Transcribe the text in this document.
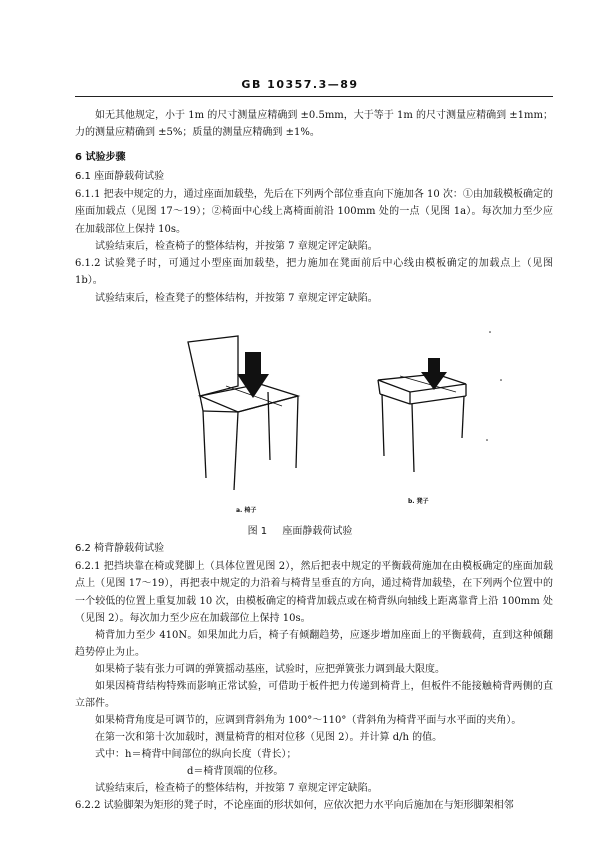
GB 10357.3—89

如无其他规定，小于 1m 的尺寸测量应精确到 ±0.5mm，大于等于 1m 的尺寸测量应精确到 ±1mm；力的测量应精确到 ±5%；质量的测量应精确到 ±1%。

6 试验步骤
6.1 座面静载荷试验

6.1.1 把表中规定的力，通过座面加载垫，先后在下列两个部位垂直向下施加各 10 次：①由加载模板确定的座面加载点（见图 17～19）；②椅面中心线上离椅面前沿 100mm 处的一点（见图 1a）。每次加力至少应在加载部位上保持 10s。

试验结束后，检查椅子的整体结构，并按第 7 章规定评定缺陷。

6.1.2 试验凳子时，可通过小型座面加载垫，把力施加在凳面前后中心线由模板确定的加载点上（见图 1b）。

试验结束后，检查凳子的整体结构，并按第 7 章规定评定缺陷。

a. 椅子
b. 凳子
图 1 座面静载荷试验
6.2 椅背静载荷试验

6.2.1 把挡块靠在椅或凳脚上（具体位置见图 2），然后把表中规定的平衡载荷施加在由模板确定的座面加载点上（见图 17～19），再把表中规定的力沿着与椅背呈垂直的方向，通过椅背加载垫，在下列两个位置中的一个较低的位置上重复加载 10 次，由模板确定的椅背加载点或在椅背纵向轴线上距离靠背上沿 100mm 处（见图 2）。每次加力至少应在加载部位上保持 10s。

椅背加力至少 410N。如果加此力后，椅子有倾翻趋势，应逐步增加座面上的平衡载荷，直到这种倾翻趋势停止为止。

如果椅子装有张力可调的弹簧摇动基座，试验时，应把弹簧张力调到最大限度。

如果因椅背结构特殊而影响正常试验，可借助于板件把力传递到椅背上，但板件不能接触椅背两侧的直立部件。

如果椅背角度是可调节的，应调到背斜角为 100°～110°（背斜角为椅背平面与水平面的夹角）。

在第一次和第十次加载时，测量椅背的相对位移（见图 2）。并计算 d/h 的值。

式中：h＝椅背中间部位的纵向长度（背长）；

d＝椅背顶端的位移。

试验结束后，检查椅子的整体结构，并按第 7 章规定评定缺陷。

6.2.2 试验脚架为矩形的凳子时，不论座面的形状如何，应依次把力水平向后施加在与矩形脚架相邻
